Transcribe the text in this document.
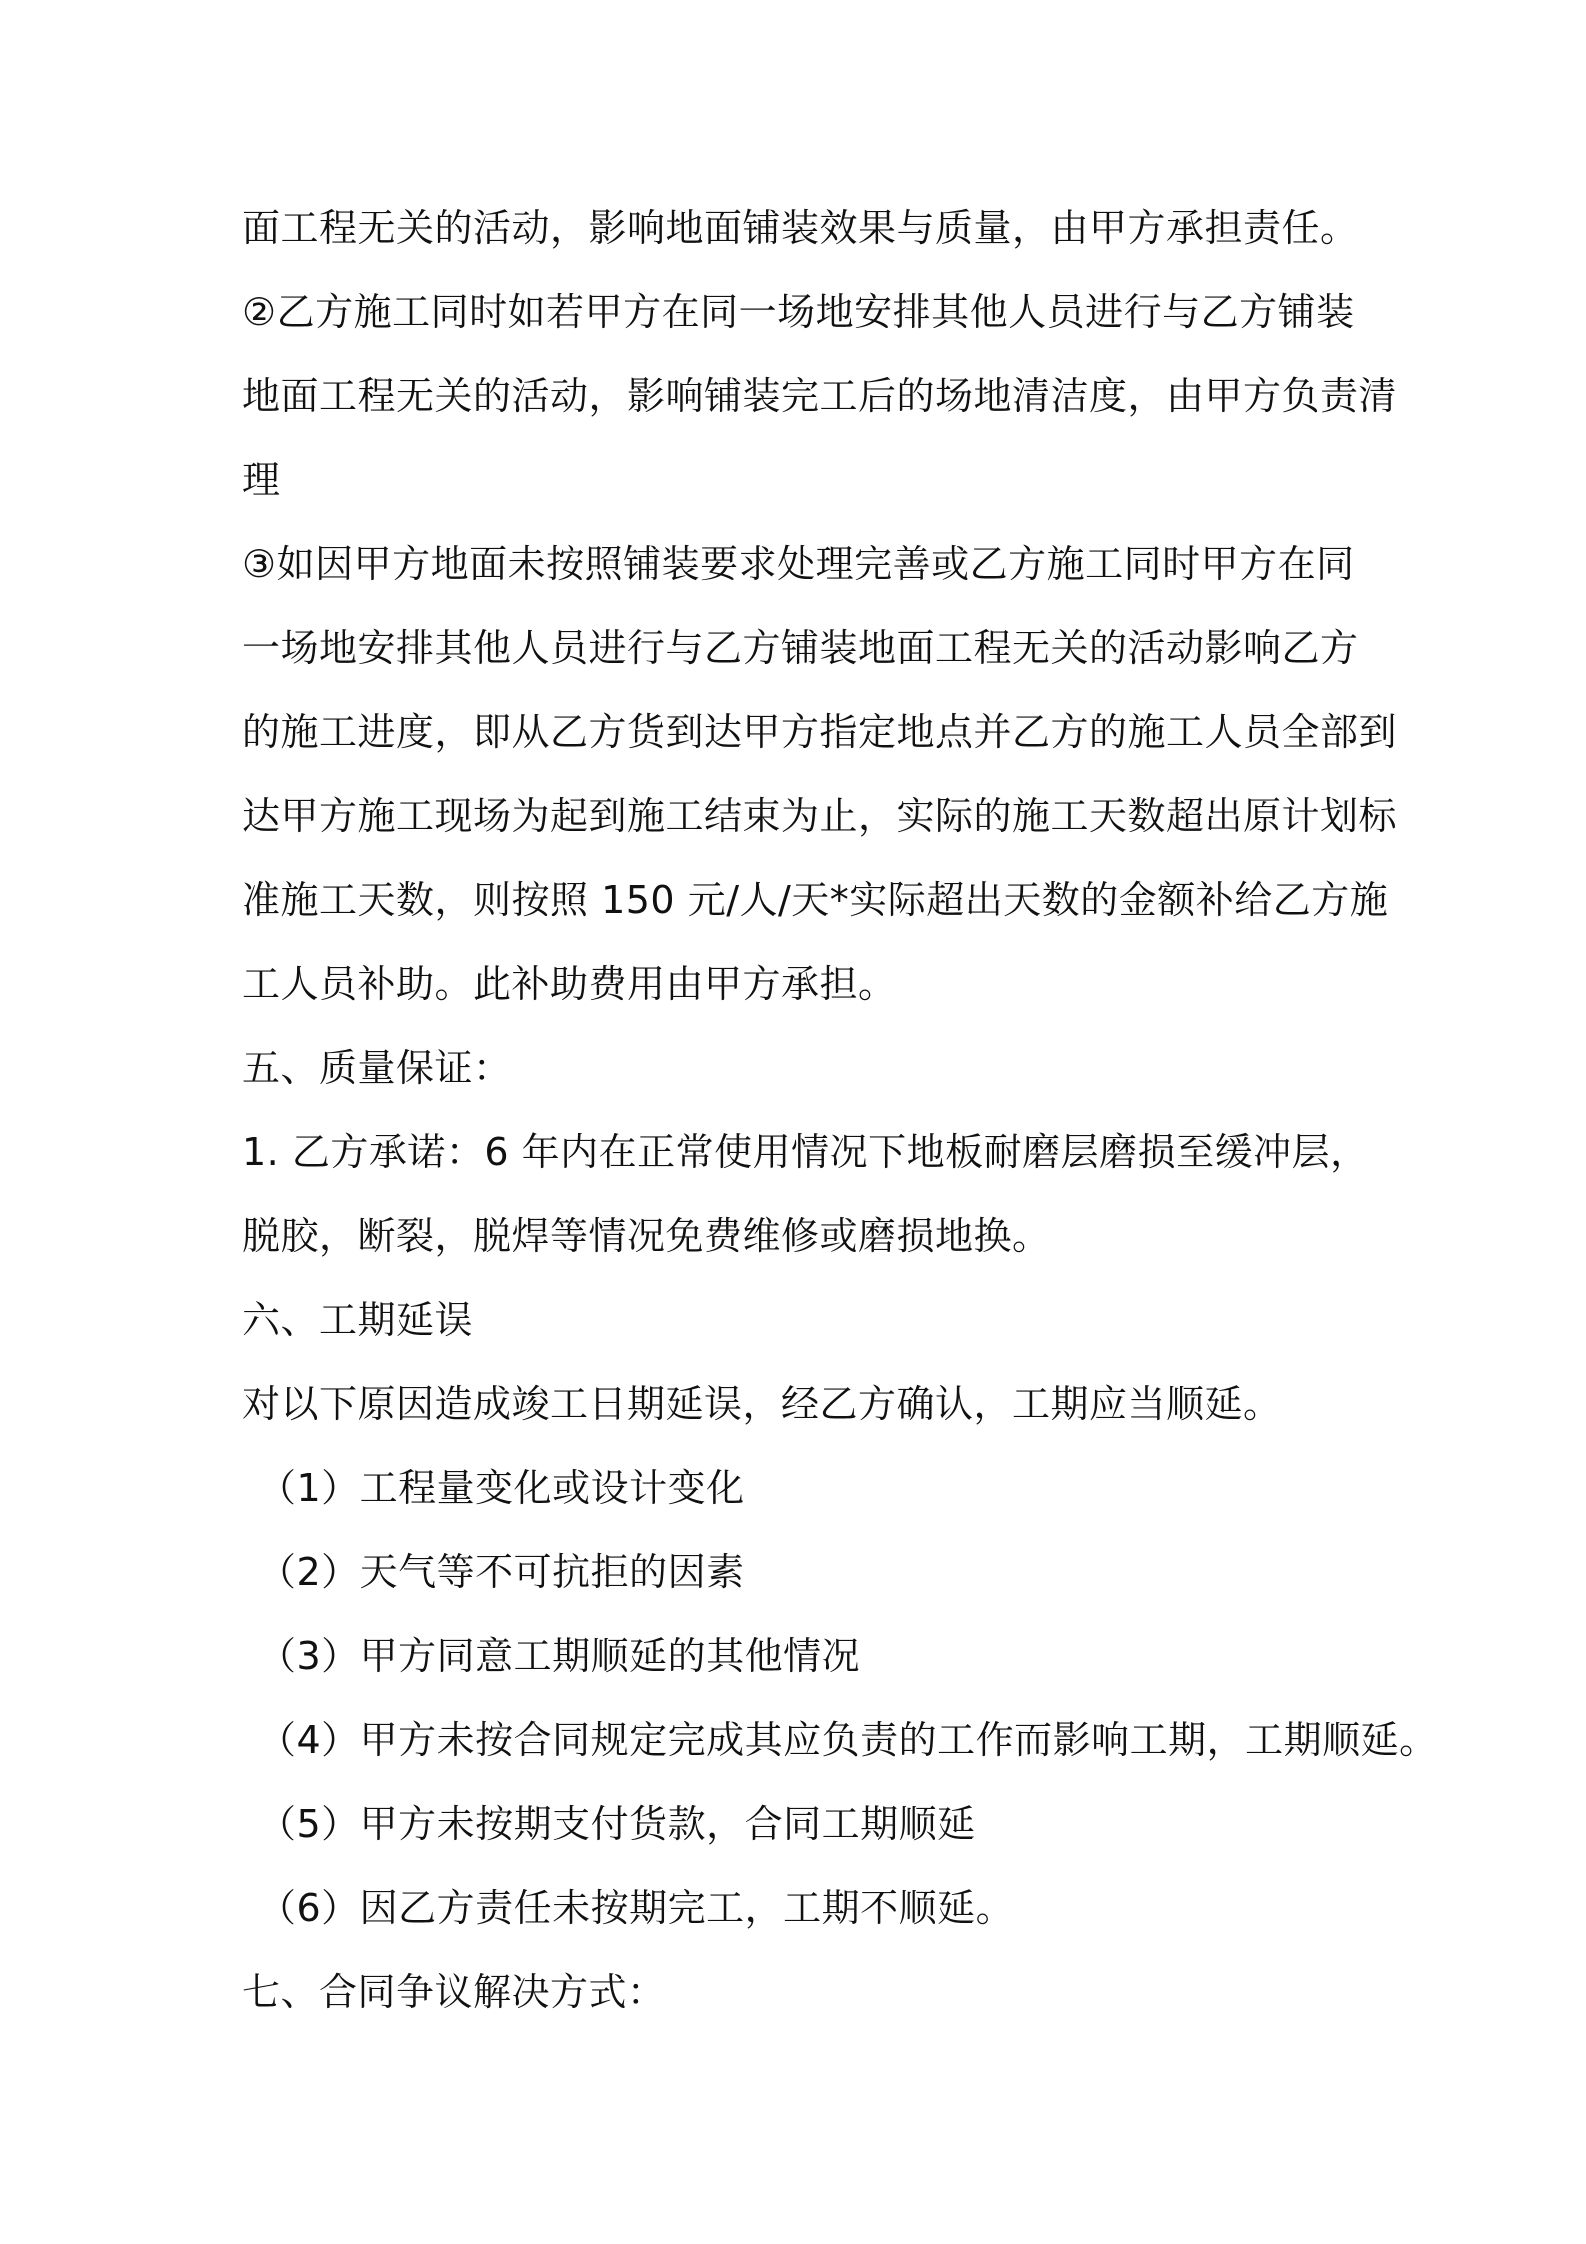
面工程无关的活动，影响地面铺装效果与质量，由甲方承担责任。
②乙方施工同时如若甲方在同一场地安排其他人员进行与乙方铺装
地面工程无关的活动，影响铺装完工后的场地清洁度，由甲方负责清
理
③如因甲方地面未按照铺装要求处理完善或乙方施工同时甲方在同
一场地安排其他人员进行与乙方铺装地面工程无关的活动影响乙方
的施工进度，即从乙方货到达甲方指定地点并乙方的施工人员全部到
达甲方施工现场为起到施工结束为止，实际的施工天数超出原计划标
准施工天数，则按照 150 元/人/天*实际超出天数的金额补给乙方施
工人员补助。此补助费用由甲方承担。
五、质量保证：
1. 乙方承诺：6 年内在正常使用情况下地板耐磨层磨损至缓冲层，
脱胶，断裂，脱焊等情况免费维修或磨损地换。
六、工期延误
对以下原因造成竣工日期延误，经乙方确认，工期应当顺延。
（1）工程量变化或设计变化
（2）天气等不可抗拒的因素
（3）甲方同意工期顺延的其他情况
（4）甲方未按合同规定完成其应负责的工作而影响工期，工期顺延。
（5）甲方未按期支付货款，合同工期顺延
（6）因乙方责任未按期完工，工期不顺延。
七、合同争议解决方式：
